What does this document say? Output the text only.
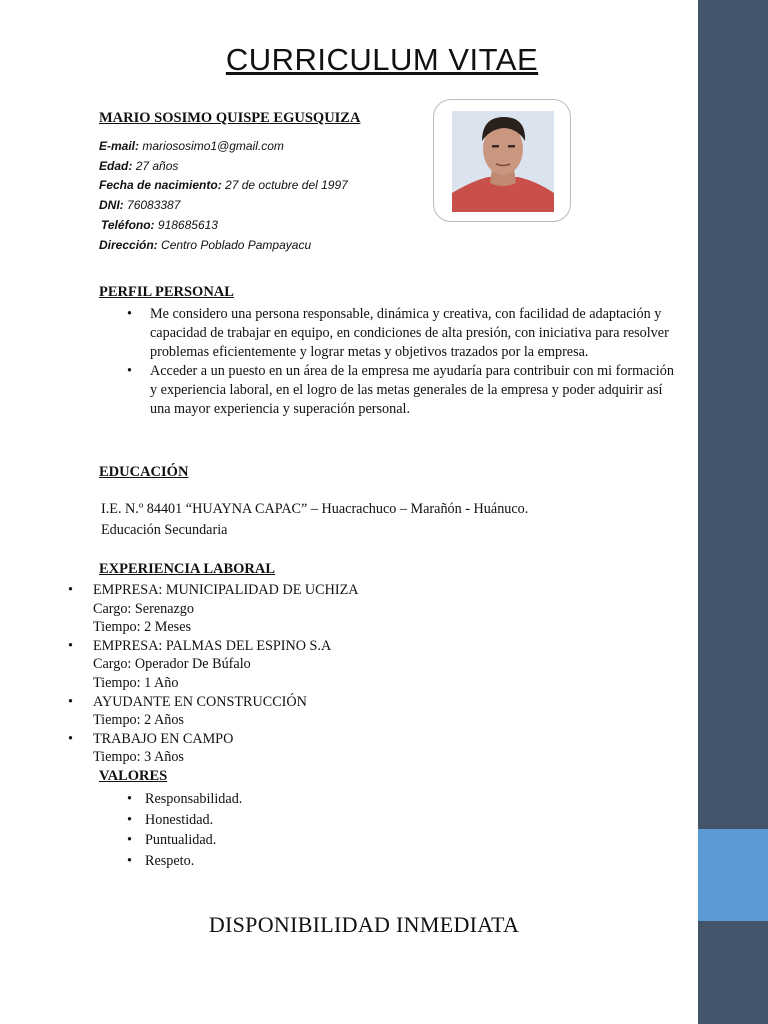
CURRICULUM VITAE
MARIO SOSIMO QUISPE EGUSQUIZA
E-mail: mariososimo1@gmail.com
Edad: 27 años
Fecha de nacimiento: 27 de octubre del 1997
DNI: 76083387
Teléfono: 918685613
Dirección: Centro Poblado Pampayacu
PERFIL PERSONAL
• Me considero una persona responsable, dinámica y creativa, con facilidad de adaptación y capacidad de trabajar en equipo, en condiciones de alta presión, con iniciativa para resolver problemas eficientemente y lograr metas y objetivos trazados por la empresa.
• Acceder a un puesto en un área de la empresa me ayudaría para contribuir con mi formación y experiencia laboral, en el logro de las metas generales de la empresa y poder adquirir así una mayor experiencia y superación personal.
EDUCACIÓN
I.E. N.º 84401 “HUAYNA CAPAC” – Huacrachuco – Marañón - Huánuco.
Educación Secundaria
EXPERIENCIA LABORAL
• EMPRESA: MUNICIPALIDAD DE UCHIZA
Cargo: Serenazgo
Tiempo: 2 Meses
• EMPRESA: PALMAS DEL ESPINO S.A
Cargo: Operador De Búfalo
Tiempo: 1 Año
• AYUDANTE EN CONSTRUCCIÓN
Tiempo: 2 Años
• TRABAJO EN CAMPO
Tiempo: 3 Años
VALORES
• Responsabilidad.
• Honestidad.
• Puntualidad.
• Respeto.
DISPONIBILIDAD INMEDIATA
